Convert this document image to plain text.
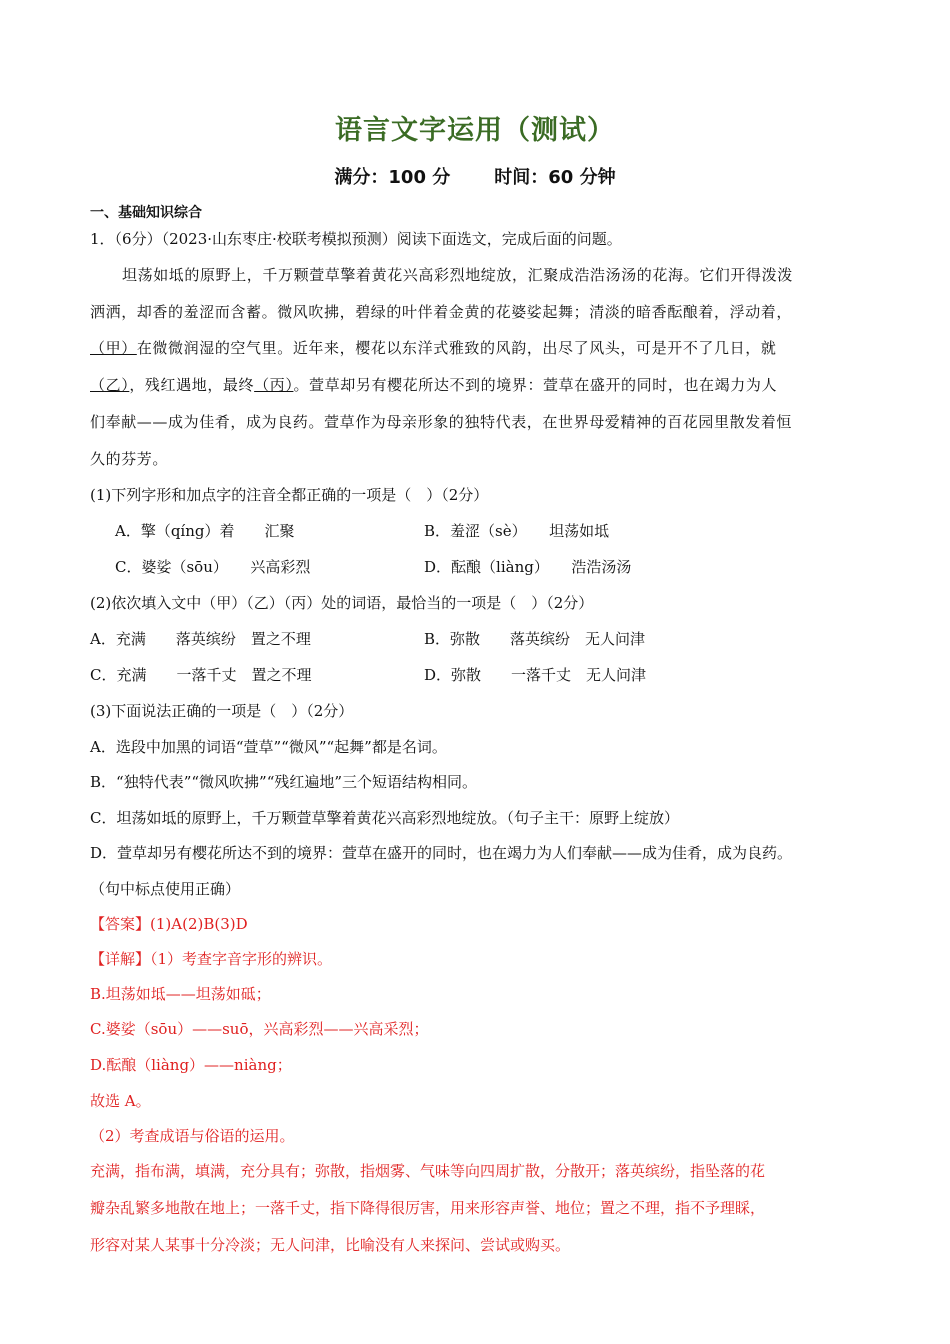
语言文字运用（测试）
满分：100 分 时间：60 分钟
一、基础知识综合
1．（6分）（2023·山东枣庄·校联考模拟预测）阅读下面选文，完成后面的问题。
坦荡如坻的原野上，千万颗萱草擎着黄花兴高彩烈地绽放，汇聚成浩浩汤汤的花海。它们开得泼泼
洒洒，却香的羞涩而含蓄。微风吹拂，碧绿的叶伴着金黄的花婆娑起舞；清淡的暗香酝酿着，浮动着，
（甲）在微微润湿的空气里。近年来，樱花以东洋式雅致的风韵，出尽了风头，可是开不了几日，就
（乙），残红遇地，最终（丙）。萱草却另有樱花所达不到的境界：萱草在盛开的同时，也在竭力为人
们奉献——成为佳肴，成为良药。萱草作为母亲形象的独特代表，在世界母爱精神的百花园里散发着恒
久的芬芳。
(1)下列字形和加点字的注音全都正确的一项是（　）（2分）
A．擎（qíng）着　　汇聚	B．羞涩（sè）　　坦荡如坻
C．婆娑（sōu）　　兴高彩烈	D．酝酿（liàng）　　浩浩汤汤
(2)依次填入文中（甲）（乙）（丙）处的词语，最恰当的一项是（　）（2分）
A．充满　　落英缤纷　置之不理	B．弥散　　落英缤纷　无人问津
C．充满　　一落千丈　置之不理	D．弥散　　一落千丈　无人问津
(3)下面说法正确的一项是（　）（2分）
A．选段中加黑的词语“萱草”“微风”“起舞”都是名词。
B．“独特代表”“微风吹拂”“残红遍地”三个短语结构相同。
C．坦荡如坻的原野上，千万颗萱草擎着黄花兴高彩烈地绽放。（句子主干：原野上绽放）
D．萱草却另有樱花所达不到的境界：萱草在盛开的同时，也在竭力为人们奉献——成为佳肴，成为良药。
（句中标点使用正确）
【答案】(1)A(2)B(3)D
【详解】（1）考查字音字形的辨识。
B.坦荡如坻——坦荡如砥；
C.婆娑（sōu）——suō，兴高彩烈——兴高采烈；
D.酝酿（liàng）——niàng；
故选 A。
（2）考查成语与俗语的运用。
充满，指布满，填满，充分具有；弥散，指烟雾、气味等向四周扩散，分散开；落英缤纷，指坠落的花
瓣杂乱繁多地散在地上；一落千丈，指下降得很厉害，用来形容声誉、地位；置之不理，指不予理睬，
形容对某人某事十分冷淡；无人问津，比喻没有人来探问、尝试或购买。
